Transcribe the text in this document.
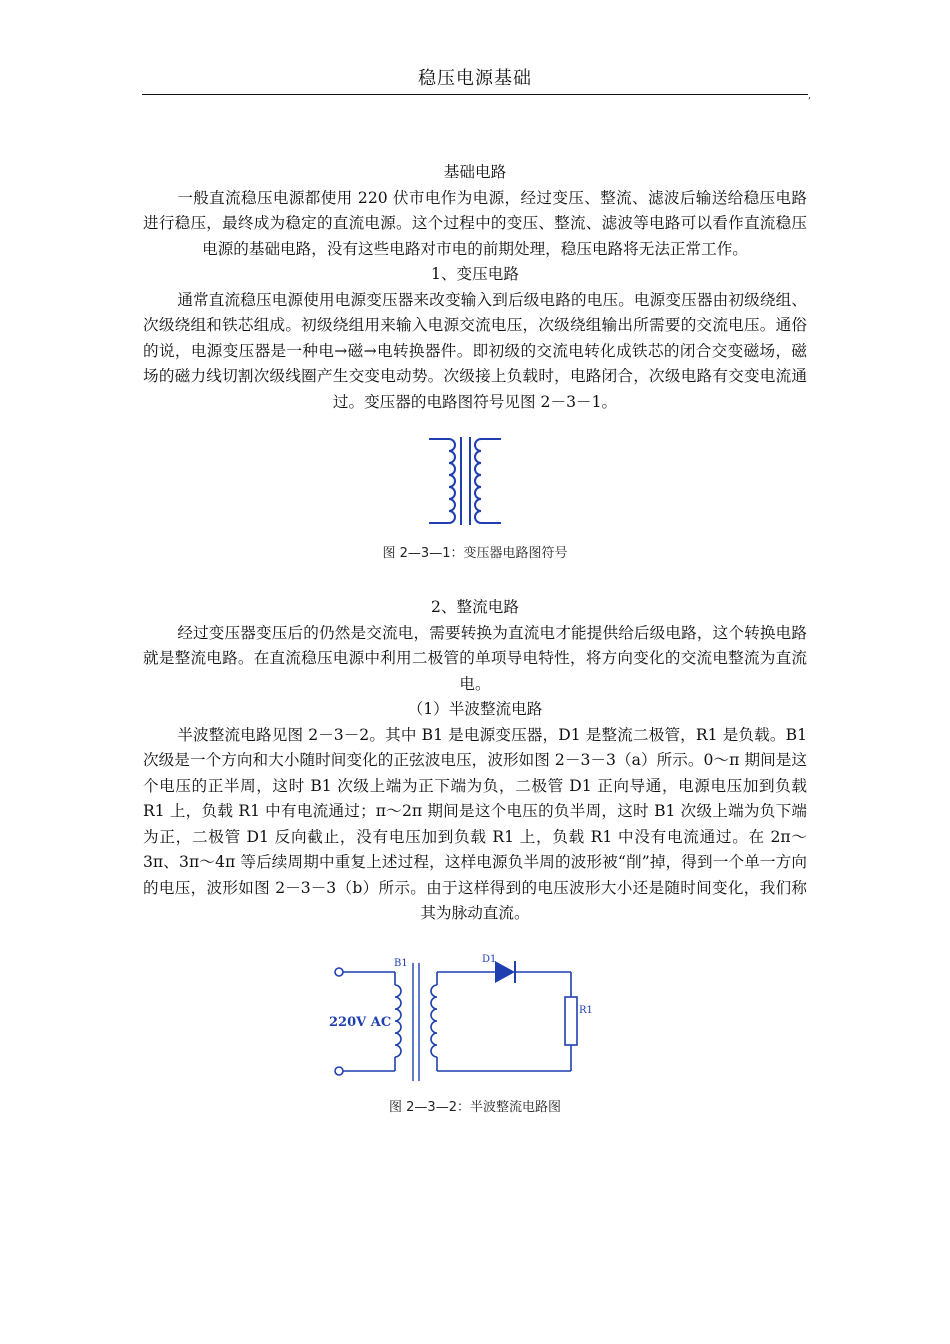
稳压电源基础
,

基础电路

一般直流稳压电源都使用 220 伏市电作为电源，经过变压、整流、滤波后输送给稳压电路进行稳压，最终成为稳定的直流电源。这个过程中的变压、整流、滤波等电路可以看作直流稳压电源的基础电路，没有这些电路对市电的前期处理，稳压电路将无法正常工作。

1、变压电路

通常直流稳压电源使用电源变压器来改变输入到后级电路的电压。电源变压器由初级绕组、次级绕组和铁芯组成。初级绕组用来输入电源交流电压，次级绕组输出所需要的交流电压。通俗的说，电源变压器是一种电→磁→电转换器件。即初级的交流电转化成铁芯的闭合交变磁场，磁场的磁力线切割次级线圈产生交变电动势。次级接上负载时，电路闭合，次级电路有交变电流通过。变压器的电路图符号见图 2－3－1。

图 2—3—1：变压器电路图符号

2、整流电路

经过变压器变压后的仍然是交流电，需要转换为直流电才能提供给后级电路，这个转换电路就是整流电路。在直流稳压电源中利用二极管的单项导电特性，将方向变化的交流电整流为直流电。

（1）半波整流电路

半波整流电路见图 2－3－2。其中 B1 是电源变压器，D1 是整流二极管，R1 是负载。B1 次级是一个方向和大小随时间变化的正弦波电压，波形如图 2－3－3（a）所示。0～π 期间是这个电压的正半周，这时 B1 次级上端为正下端为负，二极管 D1 正向导通，电源电压加到负载 R1 上，负载 R1 中有电流通过；π～2π 期间是这个电压的负半周，这时 B1 次级上端为负下端为正，二极管 D1 反向截止，没有电压加到负载 R1 上，负载 R1 中没有电流通过。在 2π～3π、3π～4π 等后续周期中重复上述过程，这样电源负半周的波形被“削”掉，得到一个单一方向的电压，波形如图 2－3－3（b）所示。由于这样得到的电压波形大小还是随时间变化，我们称其为脉动直流。

B1	D1
R1
220V AC
图 2—3—2：半波整流电路图
